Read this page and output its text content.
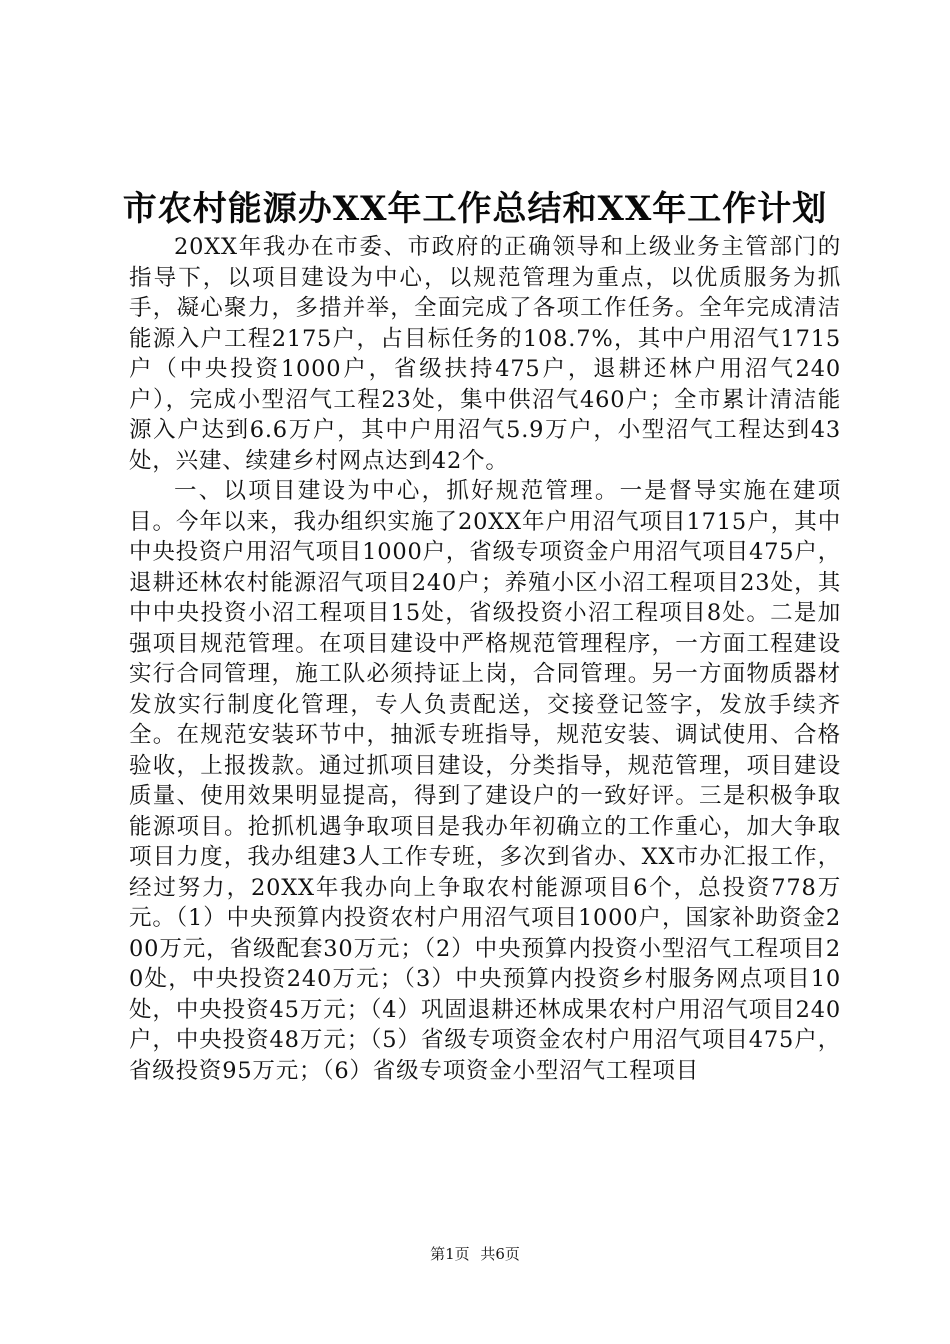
市农村能源办XX年工作总结和XX年工作计划

20XX年我办在市委、市政府的正确领导和上级业务主管部门的指导下，以项目建设为中心，以规范管理为重点，以优质服务为抓手，凝心聚力，多措并举，全面完成了各项工作任务。全年完成清洁能源入户工程2175户，占目标任务的108.7%，其中户用沼气1715户（中央投资1000户，省级扶持475户，退耕还林户用沼气240户），完成小型沼气工程23处，集中供沼气460户；全市累计清洁能源入户达到6.6万户，其中户用沼气5.9万户，小型沼气工程达到43处，兴建、续建乡村网点达到42个。

一、以项目建设为中心，抓好规范管理。一是督导实施在建项目。今年以来，我办组织实施了20XX年户用沼气项目1715户，其中中央投资户用沼气项目1000户，省级专项资金户用沼气项目475户，退耕还林农村能源沼气项目240户；养殖小区小沼工程项目23处，其中中央投资小沼工程项目15处，省级投资小沼工程项目8处。二是加强项目规范管理。在项目建设中严格规范管理程序，一方面工程建设实行合同管理，施工队必须持证上岗，合同管理。另一方面物质器材发放实行制度化管理，专人负责配送，交接登记签字，发放手续齐全。在规范安装环节中，抽派专班指导，规范安装、调试使用、合格验收，上报拨款。通过抓项目建设，分类指导，规范管理，项目建设质量、使用效果明显提高，得到了建设户的一致好评。三是积极争取能源项目。抢抓机遇争取项目是我办年初确立的工作重心，加大争取项目力度，我办组建3人工作专班，多次到省办、XX市办汇报工作，经过努力，20XX年我办向上争取农村能源项目6个，总投资778万元。（1）中央预算内投资农村户用沼气项目1000户，国家补助资金200万元，省级配套30万元；（2）中央预算内投资小型沼气工程项目20处，中央投资240万元；（3）中央预算内投资乡村服务网点项目10处，中央投资45万元；（4）巩固退耕还林成果农村户用沼气项目240户，中央投资48万元；（5）省级专项资金农村户用沼气项目475户，省级投资95万元；（6）省级专项资金小型沼气工程项目

第1页 共6页
